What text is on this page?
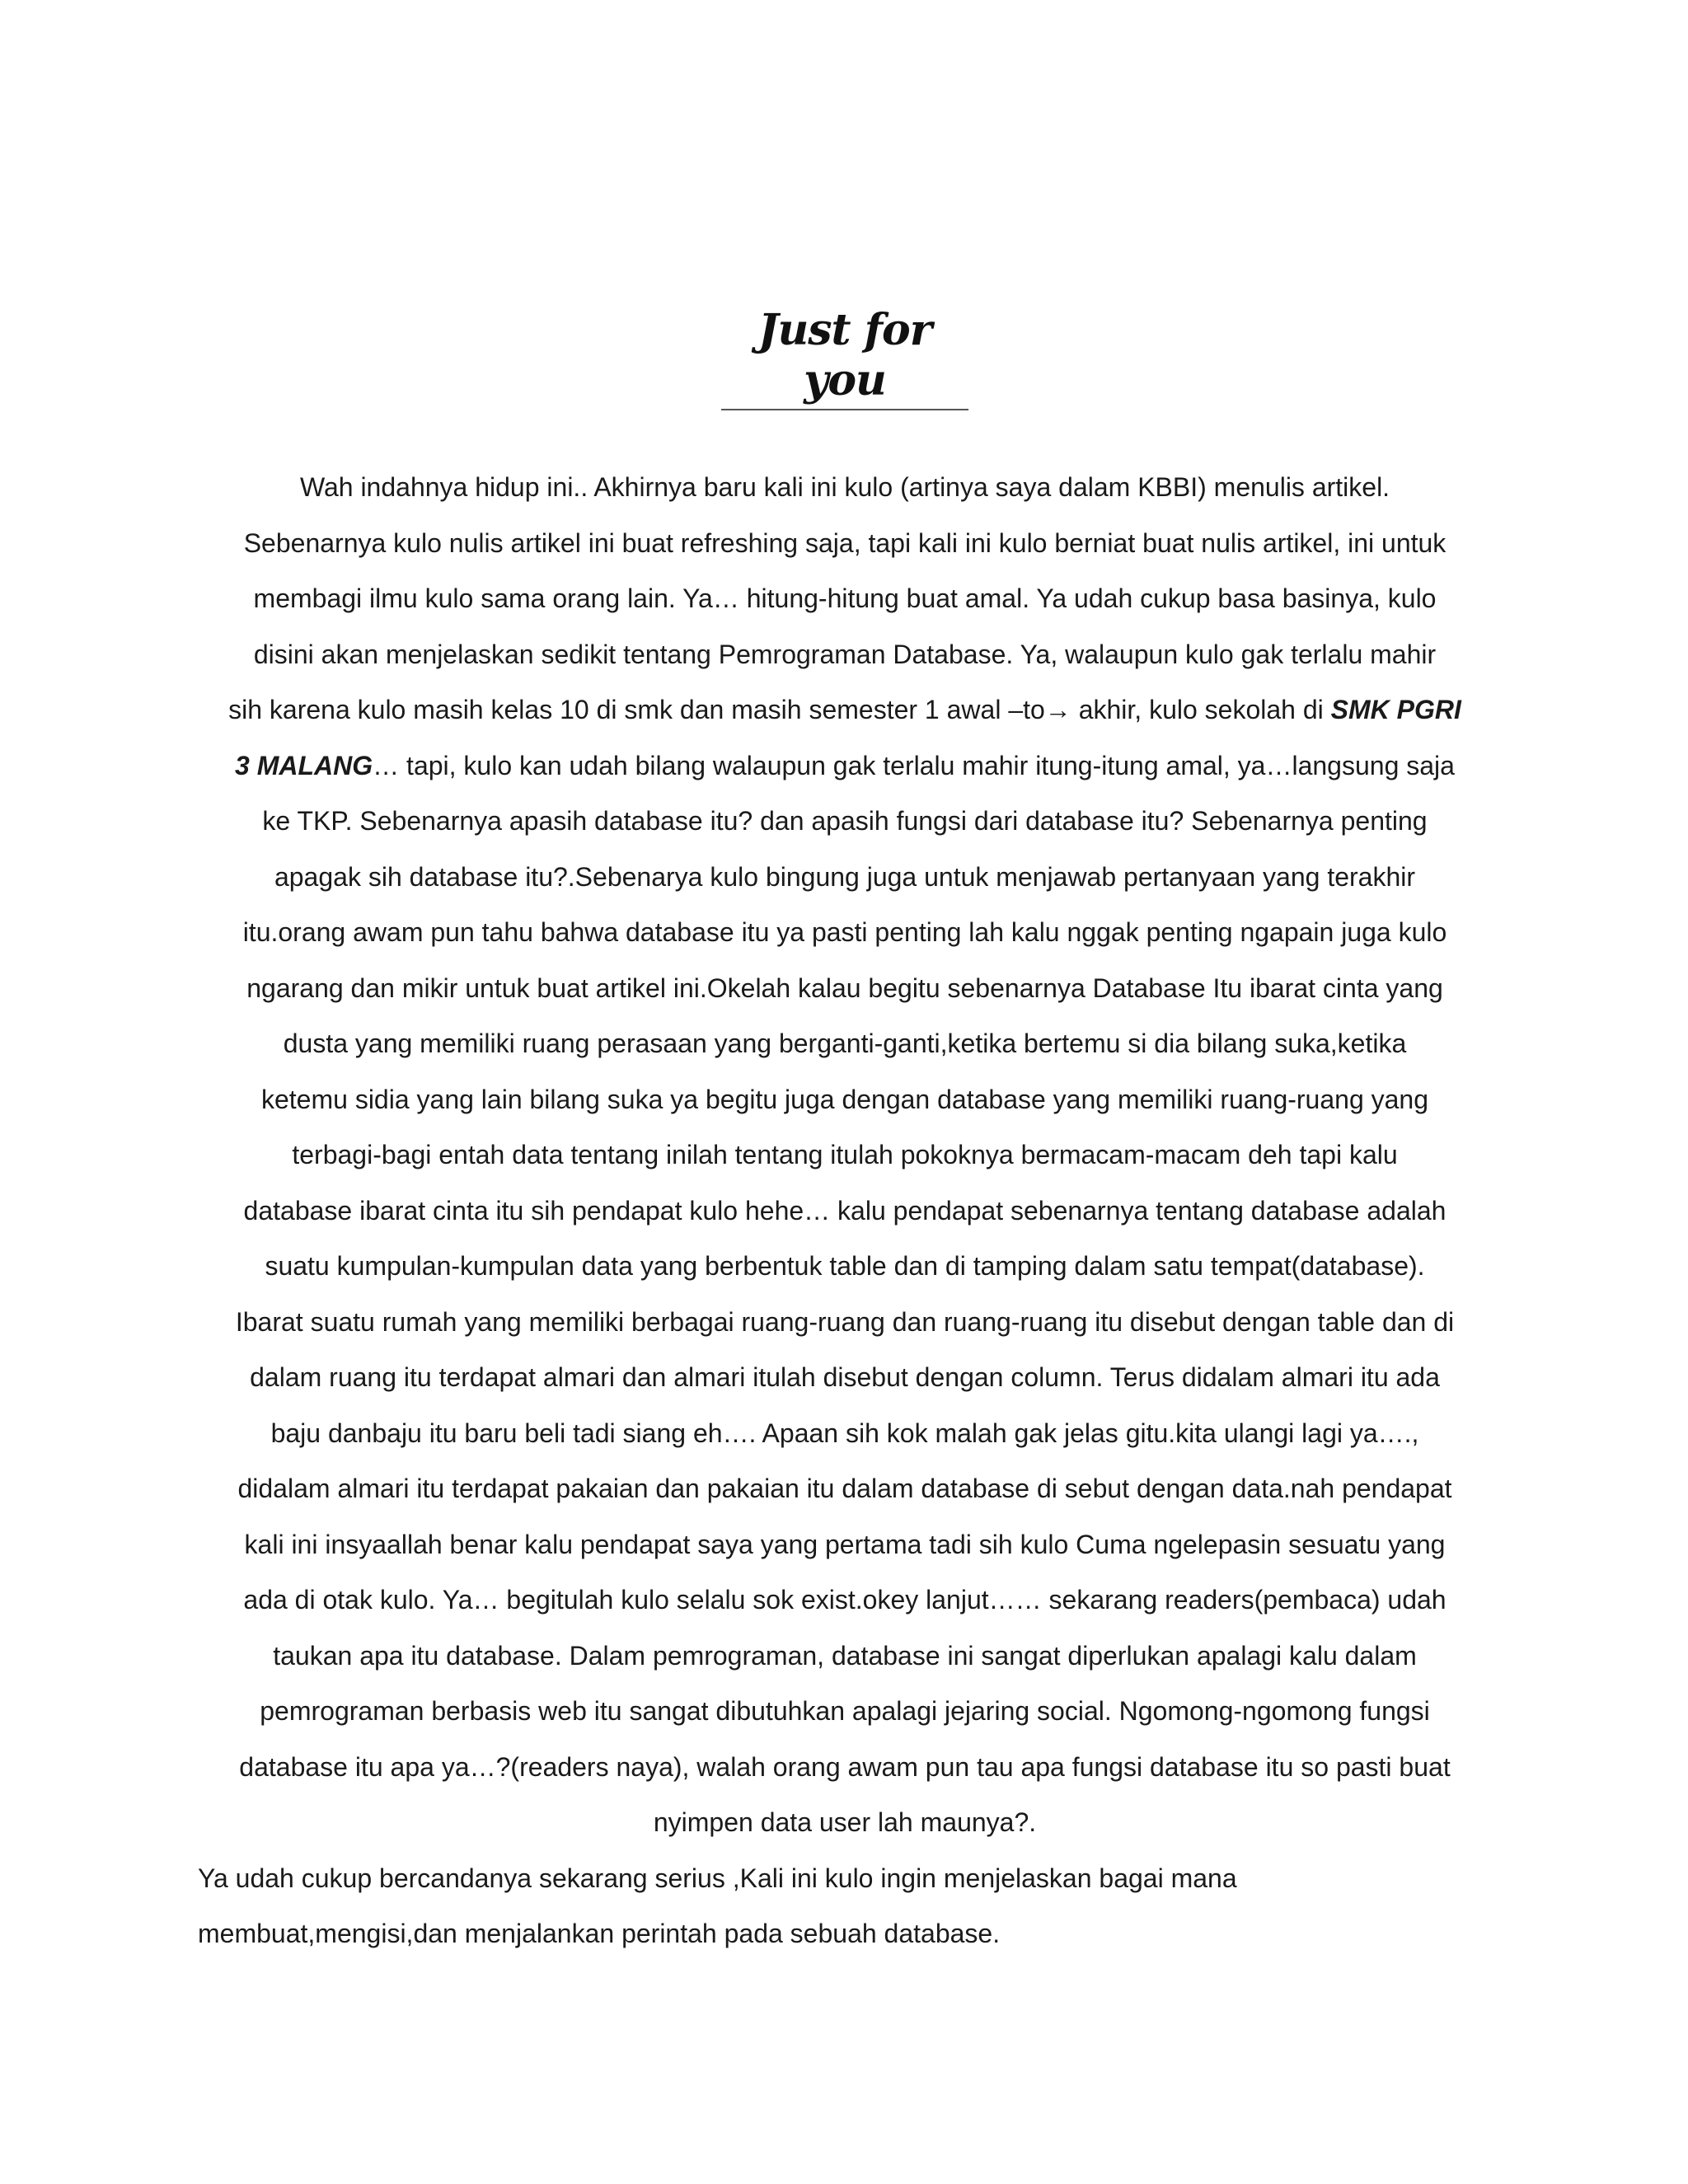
Just for you
Wah indahnya hidup ini.. Akhirnya baru kali ini kulo (artinya saya dalam KBBI) menulis artikel.
Sebenarnya kulo nulis artikel ini buat refreshing saja, tapi kali ini kulo berniat buat nulis artikel, ini untuk
membagi ilmu kulo sama orang lain. Ya… hitung-hitung buat amal. Ya udah cukup basa basinya, kulo
disini akan menjelaskan sedikit tentang Pemrograman Database. Ya, walaupun kulo gak terlalu mahir
sih karena kulo masih kelas 10 di smk dan masih semester 1 awal –to→ akhir, kulo sekolah di SMK PGRI
3 MALANG… tapi, kulo kan udah bilang walaupun gak terlalu mahir itung-itung amal, ya…langsung saja
ke TKP. Sebenarnya apasih database itu? dan apasih fungsi dari database itu? Sebenarnya penting
apagak sih database itu?.Sebenarya kulo bingung juga untuk menjawab pertanyaan yang terakhir
itu.orang awam pun tahu bahwa database itu ya pasti penting lah kalu nggak penting ngapain juga kulo
ngarang dan mikir untuk buat artikel ini.Okelah kalau begitu sebenarnya Database Itu ibarat cinta yang
dusta yang memiliki ruang perasaan yang berganti-ganti,ketika bertemu si dia bilang suka,ketika
ketemu sidia yang lain bilang suka ya begitu juga dengan database yang memiliki ruang-ruang yang
terbagi-bagi entah data tentang inilah tentang itulah pokoknya bermacam-macam deh tapi kalu
database ibarat cinta itu sih pendapat kulo hehe… kalu pendapat sebenarnya tentang database adalah
suatu kumpulan-kumpulan data yang berbentuk table dan di tamping dalam satu tempat(database).
Ibarat suatu rumah yang memiliki berbagai ruang-ruang dan ruang-ruang itu disebut dengan table dan di
dalam ruang itu terdapat almari dan almari itulah disebut dengan column. Terus didalam almari itu ada
baju danbaju itu baru beli tadi siang eh…. Apaan sih kok malah gak jelas gitu.kita ulangi lagi ya….,
didalam almari itu terdapat pakaian dan pakaian itu dalam database di sebut dengan data.nah pendapat
kali ini insyaallah benar kalu pendapat saya yang pertama tadi sih kulo Cuma ngelepasin sesuatu yang
ada di otak kulo. Ya… begitulah kulo selalu sok exist.okey lanjut…… sekarang readers(pembaca) udah
taukan apa itu database. Dalam pemrograman, database ini sangat diperlukan apalagi kalu dalam
pemrograman berbasis web itu sangat dibutuhkan apalagi jejaring social. Ngomong-ngomong fungsi
database itu apa ya…?(readers naya), walah orang awam pun tau apa fungsi database itu so pasti buat
nyimpen data user lah maunya?.
Ya udah cukup bercandanya sekarang serius ,Kali ini kulo ingin menjelaskan bagai mana
membuat,mengisi,dan menjalankan perintah pada sebuah database.
